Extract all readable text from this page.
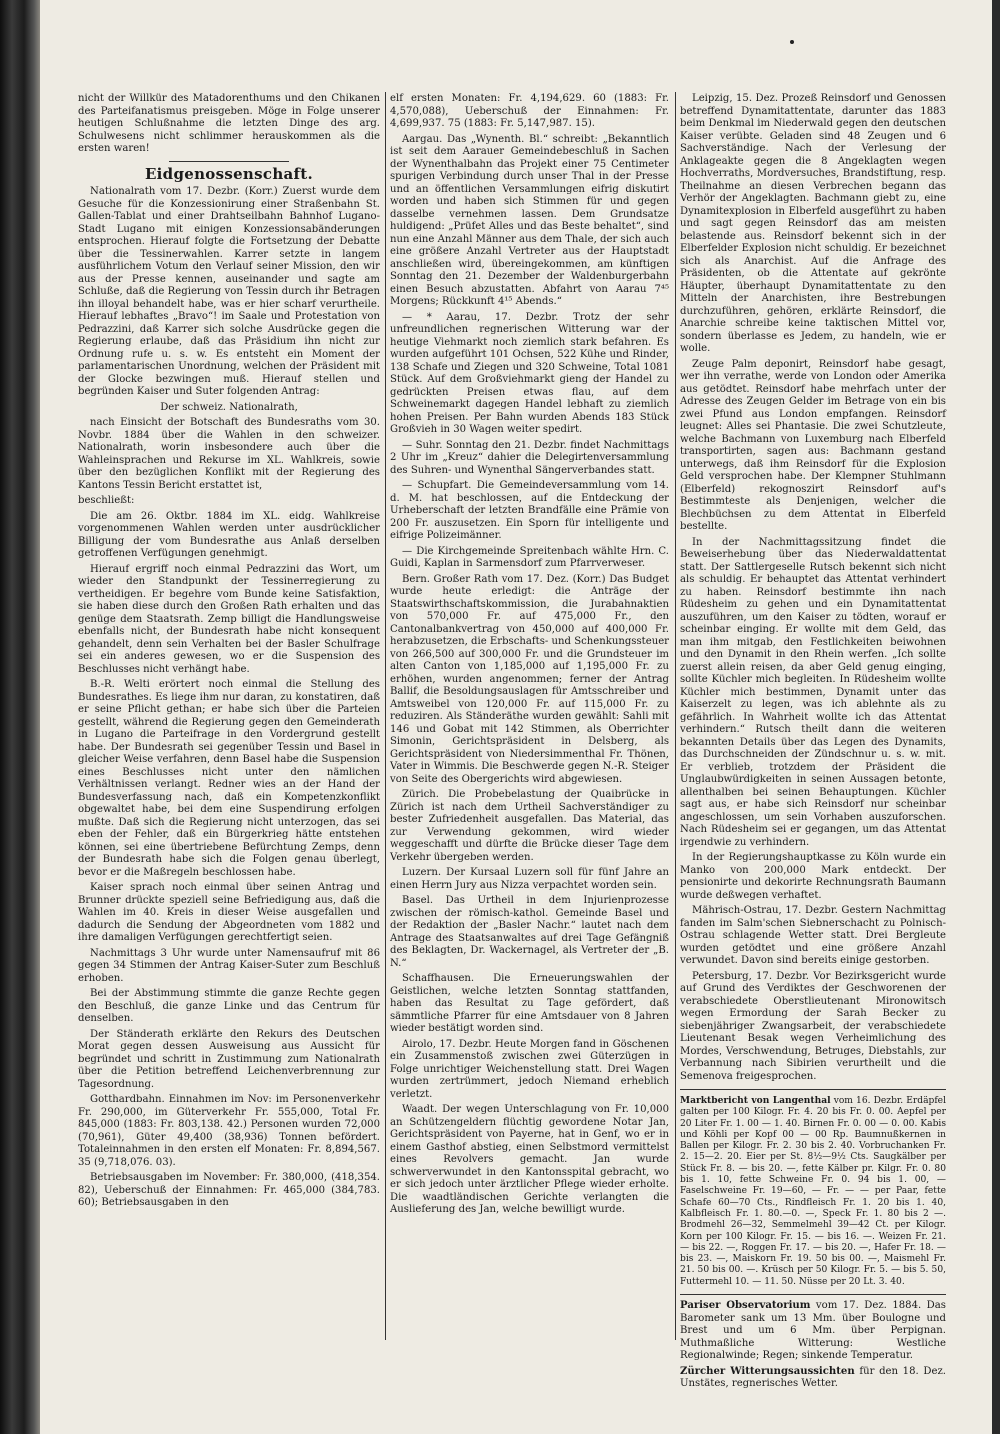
nicht der Willkür des Matadorenthums und den Chikanen des Parteifanatismus preisgeben. Möge in Folge unserer heutigen Schlußnahme die letzten Dinge des arg. Schulwesens nicht schlimmer herauskommen als die ersten waren!

Eidgenossenschaft.

Nationalrath vom 17. Dezbr. (Korr.) Zuerst wurde dem Gesuche für die Konzessionirung einer Straßenbahn St. Gallen-Tablat und einer Drahtseilbahn Bahnhof Lugano-Stadt Lugano mit einigen Konzessionsabänderungen entsprochen. Hierauf folgte die Fortsetzung der Debatte über die Tessinerwahlen. Karrer setzte in langem ausführlichem Votum den Verlauf seiner Mission, den wir aus der Presse kennen, auseinander und sagte am Schluße, daß die Regierung von Tessin durch ihr Betragen ihn illoyal behandelt habe, was er hier scharf verurtheile. Hierauf lebhaftes „Bravo“! im Saale und Protestation von Pedrazzini, daß Karrer sich solche Ausdrücke gegen die Regierung erlaube, daß das Präsidium ihn nicht zur Ordnung rufe u. s. w. Es entsteht ein Moment der parlamentarischen Unordnung, welchen der Präsident mit der Glocke bezwingen muß. Hierauf stellen und begründen Kaiser und Suter folgenden Antrag:

Der schweiz. Nationalrath,

nach Einsicht der Botschaft des Bundesraths vom 30. Novbr. 1884 über die Wahlen in den schweizer. Nationalrath, worin insbesondere auch über die Wahleinsprachen und Rekurse im XL. Wahlkreis, sowie über den bezüglichen Konflikt mit der Regierung des Kantons Tessin Bericht erstattet ist,

beschließt:

Die am 26. Oktbr. 1884 im XL. eidg. Wahlkreise vorgenommenen Wahlen werden unter ausdrücklicher Billigung der vom Bundesrathe aus Anlaß derselben getroffenen Verfügungen genehmigt.

Hierauf ergriff noch einmal Pedrazzini das Wort, um wieder den Standpunkt der Tessinerregierung zu vertheidigen. Er begehre vom Bunde keine Satisfaktion, sie haben diese durch den Großen Rath erhalten und das genüge dem Staatsrath. Zemp billigt die Handlungsweise ebenfalls nicht, der Bundesrath habe nicht konsequent gehandelt, denn sein Verhalten bei der Basler Schulfrage sei ein anderes gewesen, wo er die Suspension des Beschlusses nicht verhängt habe.

B.-R. Welti erörtert noch einmal die Stellung des Bundesrathes. Es liege ihm nur daran, zu konstatiren, daß er seine Pflicht gethan; er habe sich über die Parteien gestellt, während die Regierung gegen den Gemeinderath in Lugano die Parteifrage in den Vordergrund gestellt habe. Der Bundesrath sei gegenüber Tessin und Basel in gleicher Weise verfahren, denn Basel habe die Suspension eines Beschlusses nicht unter den nämlichen Verhältnissen verlangt. Redner wies an der Hand der Bundesverfassung nach, daß ein Kompetenzkonflikt obgewaltet habe, bei dem eine Suspendirung erfolgen mußte. Daß sich die Regierung nicht unterzogen, das sei eben der Fehler, daß ein Bürgerkrieg hätte entstehen können, sei eine übertriebene Befürchtung Zemps, denn der Bundesrath habe sich die Folgen genau überlegt, bevor er die Maßregeln beschlossen habe.

Kaiser sprach noch einmal über seinen Antrag und Brunner drückte speziell seine Befriedigung aus, daß die Wahlen im 40. Kreis in dieser Weise ausgefallen und dadurch die Sendung der Abgeordneten vom 1882 und ihre damaligen Verfügungen gerechtfertigt seien.

Nachmittags 3 Uhr wurde unter Namensaufruf mit 86 gegen 34 Stimmen der Antrag Kaiser-Suter zum Beschluß erhoben.

Bei der Abstimmung stimmte die ganze Rechte gegen den Beschluß, die ganze Linke und das Centrum für denselben.

Der Ständerath erklärte den Rekurs des Deutschen Morat gegen dessen Ausweisung aus Aussicht für begründet und schritt in Zustimmung zum Nationalrath über die Petition betreffend Leichenverbrennung zur Tagesordnung.

Gotthardbahn. Einnahmen im Nov: im Personenverkehr Fr. 290,000, im Güterverkehr Fr. 555,000, Total Fr. 845,000 (1883: Fr. 803,138. 42.) Personen wurden 72,000 (70,961), Güter 49,400 (38,936) Tonnen befördert. Totaleinnahmen in den ersten elf Monaten: Fr. 8,894,567. 35 (9,718,076. 03).

Betriebsausgaben im November: Fr. 380,000, (418,354. 82), Ueberschuß der Einnahmen: Fr. 465,000 (384,783. 60); Betriebsausgaben in den

elf ersten Monaten: Fr. 4,194,629. 60 (1883: Fr. 4,570,088), Ueberschuß der Einnahmen: Fr. 4,699,937. 75 (1883: Fr. 5,147,987. 15).

Aargau. Das „Wynenth. Bl.“ schreibt: „Bekanntlich ist seit dem Aarauer Gemeindebeschluß in Sachen der Wynenthalbahn das Projekt einer 75 Centimeter spurigen Verbindung durch unser Thal in der Presse und an öffentlichen Versammlungen eifrig diskutirt worden und haben sich Stimmen für und gegen dasselbe vernehmen lassen. Dem Grundsatze huldigend: „Prüfet Alles und das Beste behaltet“, sind nun eine Anzahl Männer aus dem Thale, der sich auch eine größere Anzahl Vertreter aus der Hauptstadt anschließen wird, übereingekommen, am künftigen Sonntag den 21. Dezember der Waldenburgerbahn einen Besuch abzustatten. Abfahrt von Aarau 7⁴⁵ Morgens; Rückkunft 4¹⁵ Abends.“

— * Aarau, 17. Dezbr. Trotz der sehr unfreundlichen regnerischen Witterung war der heutige Viehmarkt noch ziemlich stark befahren. Es wurden aufgeführt 101 Ochsen, 522 Kühe und Rinder, 138 Schafe und Ziegen und 320 Schweine, Total 1081 Stück. Auf dem Großviehmarkt gieng der Handel zu gedrückten Preisen etwas flau, auf dem Schweinemarkt dagegen Handel lebhaft zu ziemlich hohen Preisen. Per Bahn wurden Abends 183 Stück Großvieh in 30 Wagen weiter spedirt.

— Suhr. Sonntag den 21. Dezbr. findet Nachmittags 2 Uhr im „Kreuz“ dahier die Delegirtenversammlung des Suhren- und Wynenthal Sängerverbandes statt.

— Schupfart. Die Gemeindeversammlung vom 14. d. M. hat beschlossen, auf die Entdeckung der Urheberschaft der letzten Brandfälle eine Prämie von 200 Fr. auszusetzen. Ein Sporn für intelligente und eifrige Polizeimänner.

— Die Kirchgemeinde Spreitenbach wählte Hrn. C. Guidi, Kaplan in Sarmensdorf zum Pfarrverweser.

Bern. Großer Rath vom 17. Dez. (Korr.) Das Budget wurde heute erledigt: die Anträge der Staatswirthschaftskommission, die Jurabahnaktien von 570,000 Fr. auf 475,000 Fr., den Cantonalbankvertrag von 450,000 auf 400,000 Fr. herabzusetzen, die Erbschafts- und Schenkungssteuer von 266,500 auf 300,000 Fr. und die Grundsteuer im alten Canton von 1,185,000 auf 1,195,000 Fr. zu erhöhen, wurden angenommen; ferner der Antrag Ballif, die Besoldungsauslagen für Amtsschreiber und Amtsweibel von 120,000 Fr. auf 115,000 Fr. zu reduziren. Als Ständeräthe wurden gewählt: Sahli mit 146 und Gobat mit 142 Stimmen, als Oberrichter Simonin, Gerichtspräsident in Delsberg, als Gerichtspräsident von Niedersimmenthal Fr. Thönen, Vater in Wimmis. Die Beschwerde gegen N.-R. Steiger von Seite des Obergerichts wird abgewiesen.

Zürich. Die Probebelastung der Quaibrücke in Zürich ist nach dem Urtheil Sachverständiger zu bester Zufriedenheit ausgefallen. Das Material, das zur Verwendung gekommen, wird wieder weggeschafft und dürfte die Brücke dieser Tage dem Verkehr übergeben werden.

Luzern. Der Kursaal Luzern soll für fünf Jahre an einen Herrn Jury aus Nizza verpachtet worden sein.

Basel. Das Urtheil in dem Injurienprozesse zwischen der römisch-kathol. Gemeinde Basel und der Redaktion der „Basler Nachr.“ lautet nach dem Antrage des Staatsanwaltes auf drei Tage Gefängniß des Beklagten, Dr. Wackernagel, als Vertreter der „B. N.“

Schaffhausen. Die Erneuerungswahlen der Geistlichen, welche letzten Sonntag stattfanden, haben das Resultat zu Tage gefördert, daß sämmtliche Pfarrer für eine Amtsdauer von 8 Jahren wieder bestätigt worden sind.

Airolo, 17. Dezbr. Heute Morgen fand in Göschenen ein Zusammenstoß zwischen zwei Güterzügen in Folge unrichtiger Weichenstellung statt. Drei Wagen wurden zertrümmert, jedoch Niemand erheblich verletzt.

Waadt. Der wegen Unterschlagung von Fr. 10,000 an Schützengeldern flüchtig gewordene Notar Jan, Gerichtspräsident von Payerne, hat in Genf, wo er in einem Gasthof abstieg, einen Selbstmord vermittelst eines Revolvers gemacht. Jan wurde schwerverwundet in den Kantonsspital gebracht, wo er sich jedoch unter ärztlicher Pflege wieder erholte. Die waadtländischen Gerichte verlangten die Auslieferung des Jan, welche bewilligt wurde.

Leipzig, 15. Dez. Prozeß Reinsdorf und Genossen betreffend Dynamitattentate, darunter das 1883 beim Denkmal im Niederwald gegen den deutschen Kaiser verübte. Geladen sind 48 Zeugen und 6 Sachverständige. Nach der Verlesung der Anklageakte gegen die 8 Angeklagten wegen Hochverraths, Mordversuches, Brandstiftung, resp. Theilnahme an diesen Verbrechen begann das Verhör der Angeklagten. Bachmann giebt zu, eine Dynamitexplosion in Elberfeld ausgeführt zu haben und sagt gegen Reinsdorf das am meisten belastende aus. Reinsdorf bekennt sich in der Elberfelder Explosion nicht schuldig. Er bezeichnet sich als Anarchist. Auf die Anfrage des Präsidenten, ob die Attentate auf gekrönte Häupter, überhaupt Dynamitattentate zu den Mitteln der Anarchisten, ihre Bestrebungen durchzuführen, gehören, erklärte Reinsdorf, die Anarchie schreibe keine taktischen Mittel vor, sondern überlasse es Jedem, zu handeln, wie er wolle.

Zeuge Palm deponirt, Reinsdorf habe gesagt, wer ihn verrathe, werde von London oder Amerika aus getödtet. Reinsdorf habe mehrfach unter der Adresse des Zeugen Gelder im Betrage von ein bis zwei Pfund aus London empfangen. Reinsdorf leugnet: Alles sei Phantasie. Die zwei Schutzleute, welche Bachmann von Luxemburg nach Elberfeld transportirten, sagen aus: Bachmann gestand unterwegs, daß ihm Reinsdorf für die Explosion Geld versprochen habe. Der Klempner Stuhlmann (Elberfeld) rekognoszirt Reinsdorf auf's Bestimmteste als Denjenigen, welcher die Blechbüchsen zu dem Attentat in Elberfeld bestellte.

In der Nachmittagssitzung findet die Beweiserhebung über das Niederwaldattentat statt. Der Sattlergeselle Rutsch bekennt sich nicht als schuldig. Er behauptet das Attentat verhindert zu haben. Reinsdorf bestimmte ihn nach Rüdesheim zu gehen und ein Dynamitattentat auszuführen, um den Kaiser zu tödten, worauf er scheinbar einging. Er wollte mit dem Geld, das man ihm mitgab, den Festlichkeiten beiwohnen und den Dynamit in den Rhein werfen. „Ich sollte zuerst allein reisen, da aber Geld genug einging, sollte Küchler mich begleiten. In Rüdesheim wollte Küchler mich bestimmen, Dynamit unter das Kaiserzelt zu legen, was ich ablehnte als zu gefährlich. In Wahrheit wollte ich das Attentat verhindern.“ Rutsch theilt dann die weiteren bekannten Details über das Legen des Dynamits, das Durchschneiden der Zündschnur u. s. w. mit. Er verblieb, trotzdem der Präsident die Unglaubwürdigkeiten in seinen Aussagen betonte, allenthalben bei seinen Behauptungen. Küchler sagt aus, er habe sich Reinsdorf nur scheinbar angeschlossen, um sein Vorhaben auszuforschen. Nach Rüdesheim sei er gegangen, um das Attentat irgendwie zu verhindern.

In der Regierungshauptkasse zu Köln wurde ein Manko von 200,000 Mark entdeckt. Der pensionirte und dekorirte Rechnungsrath Baumann wurde deßwegen verhaftet.

Mährisch-Ostrau, 17. Dezbr. Gestern Nachmittag fanden im Salm'schen Siebnerschacht zu Polnisch-Ostrau schlagende Wetter statt. Drei Bergleute wurden getödtet und eine größere Anzahl verwundet. Davon sind bereits einige gestorben.

Petersburg, 17. Dezbr. Vor Bezirksgericht wurde auf Grund des Verdiktes der Geschworenen der verabschiedete Oberstlieutenant Mironowitsch wegen Ermordung der Sarah Becker zu siebenjähriger Zwangsarbeit, der verabschiedete Lieutenant Besak wegen Verheimlichung des Mordes, Verschwendung, Betruges, Diebstahls, zur Verbannung nach Sibirien verurtheilt und die Semenova freigesprochen.

Marktbericht von Langenthal vom 16. Dezbr. Erdäpfel galten per 100 Kilogr. Fr. 4. 20 bis Fr. 0. 00. Aepfel per 20 Liter Fr. 1. 00 — 1. 40. Birnen Fr. 0. 00 — 0. 00. Kabis und Köhli per Kopf 00 — 00 Rp. Baumnußkernen in Ballen per Kilogr. Fr. 2. 30 bis 2. 40. Vorbruchanken Fr. 2. 15—2. 20. Eier per St. 8½—9½ Cts. Saugkälber per Stück Fr. 8. — bis 20. —, fette Kälber pr. Kilgr. Fr. 0. 80 bis 1. 10, fette Schweine Fr. 0. 94 bis 1. 00, — Faselschweine Fr. 19—60, — Fr. — — per Paar, fette Schafe 60—70 Cts., Rindfleisch Fr. 1. 20 bis 1. 40, Kalbfleisch Fr. 1. 80.—0. —, Speck Fr. 1. 80 bis 2 —. Brodmehl 26—32, Semmelmehl 39—42 Ct. per Kilogr. Korn per 100 Kilogr. Fr. 15. — bis 16. —. Weizen Fr. 21. — bis 22. —, Roggen Fr. 17. — bis 20. —, Hafer Fr. 18. — bis 23. —, Maiskorn Fr. 19. 50 bis 00. —, Maismehl Fr. 21. 50 bis 00. —. Krüsch per 50 Kilogr. Fr. 5. — bis 5. 50, Futtermehl 10. — 11. 50. Nüsse per 20 Lt. 3. 40.

Pariser Observatorium vom 17. Dez. 1884. Das Barometer sank um 13 Mm. über Boulogne und Brest und um 6 Mm. über Perpignan. Muthmaßliche Witterung: Westliche Regionalwinde; Regen; sinkende Temperatur.

Zürcher Witterungsaussichten für den 18. Dez. Unstätes, regnerisches Wetter.
